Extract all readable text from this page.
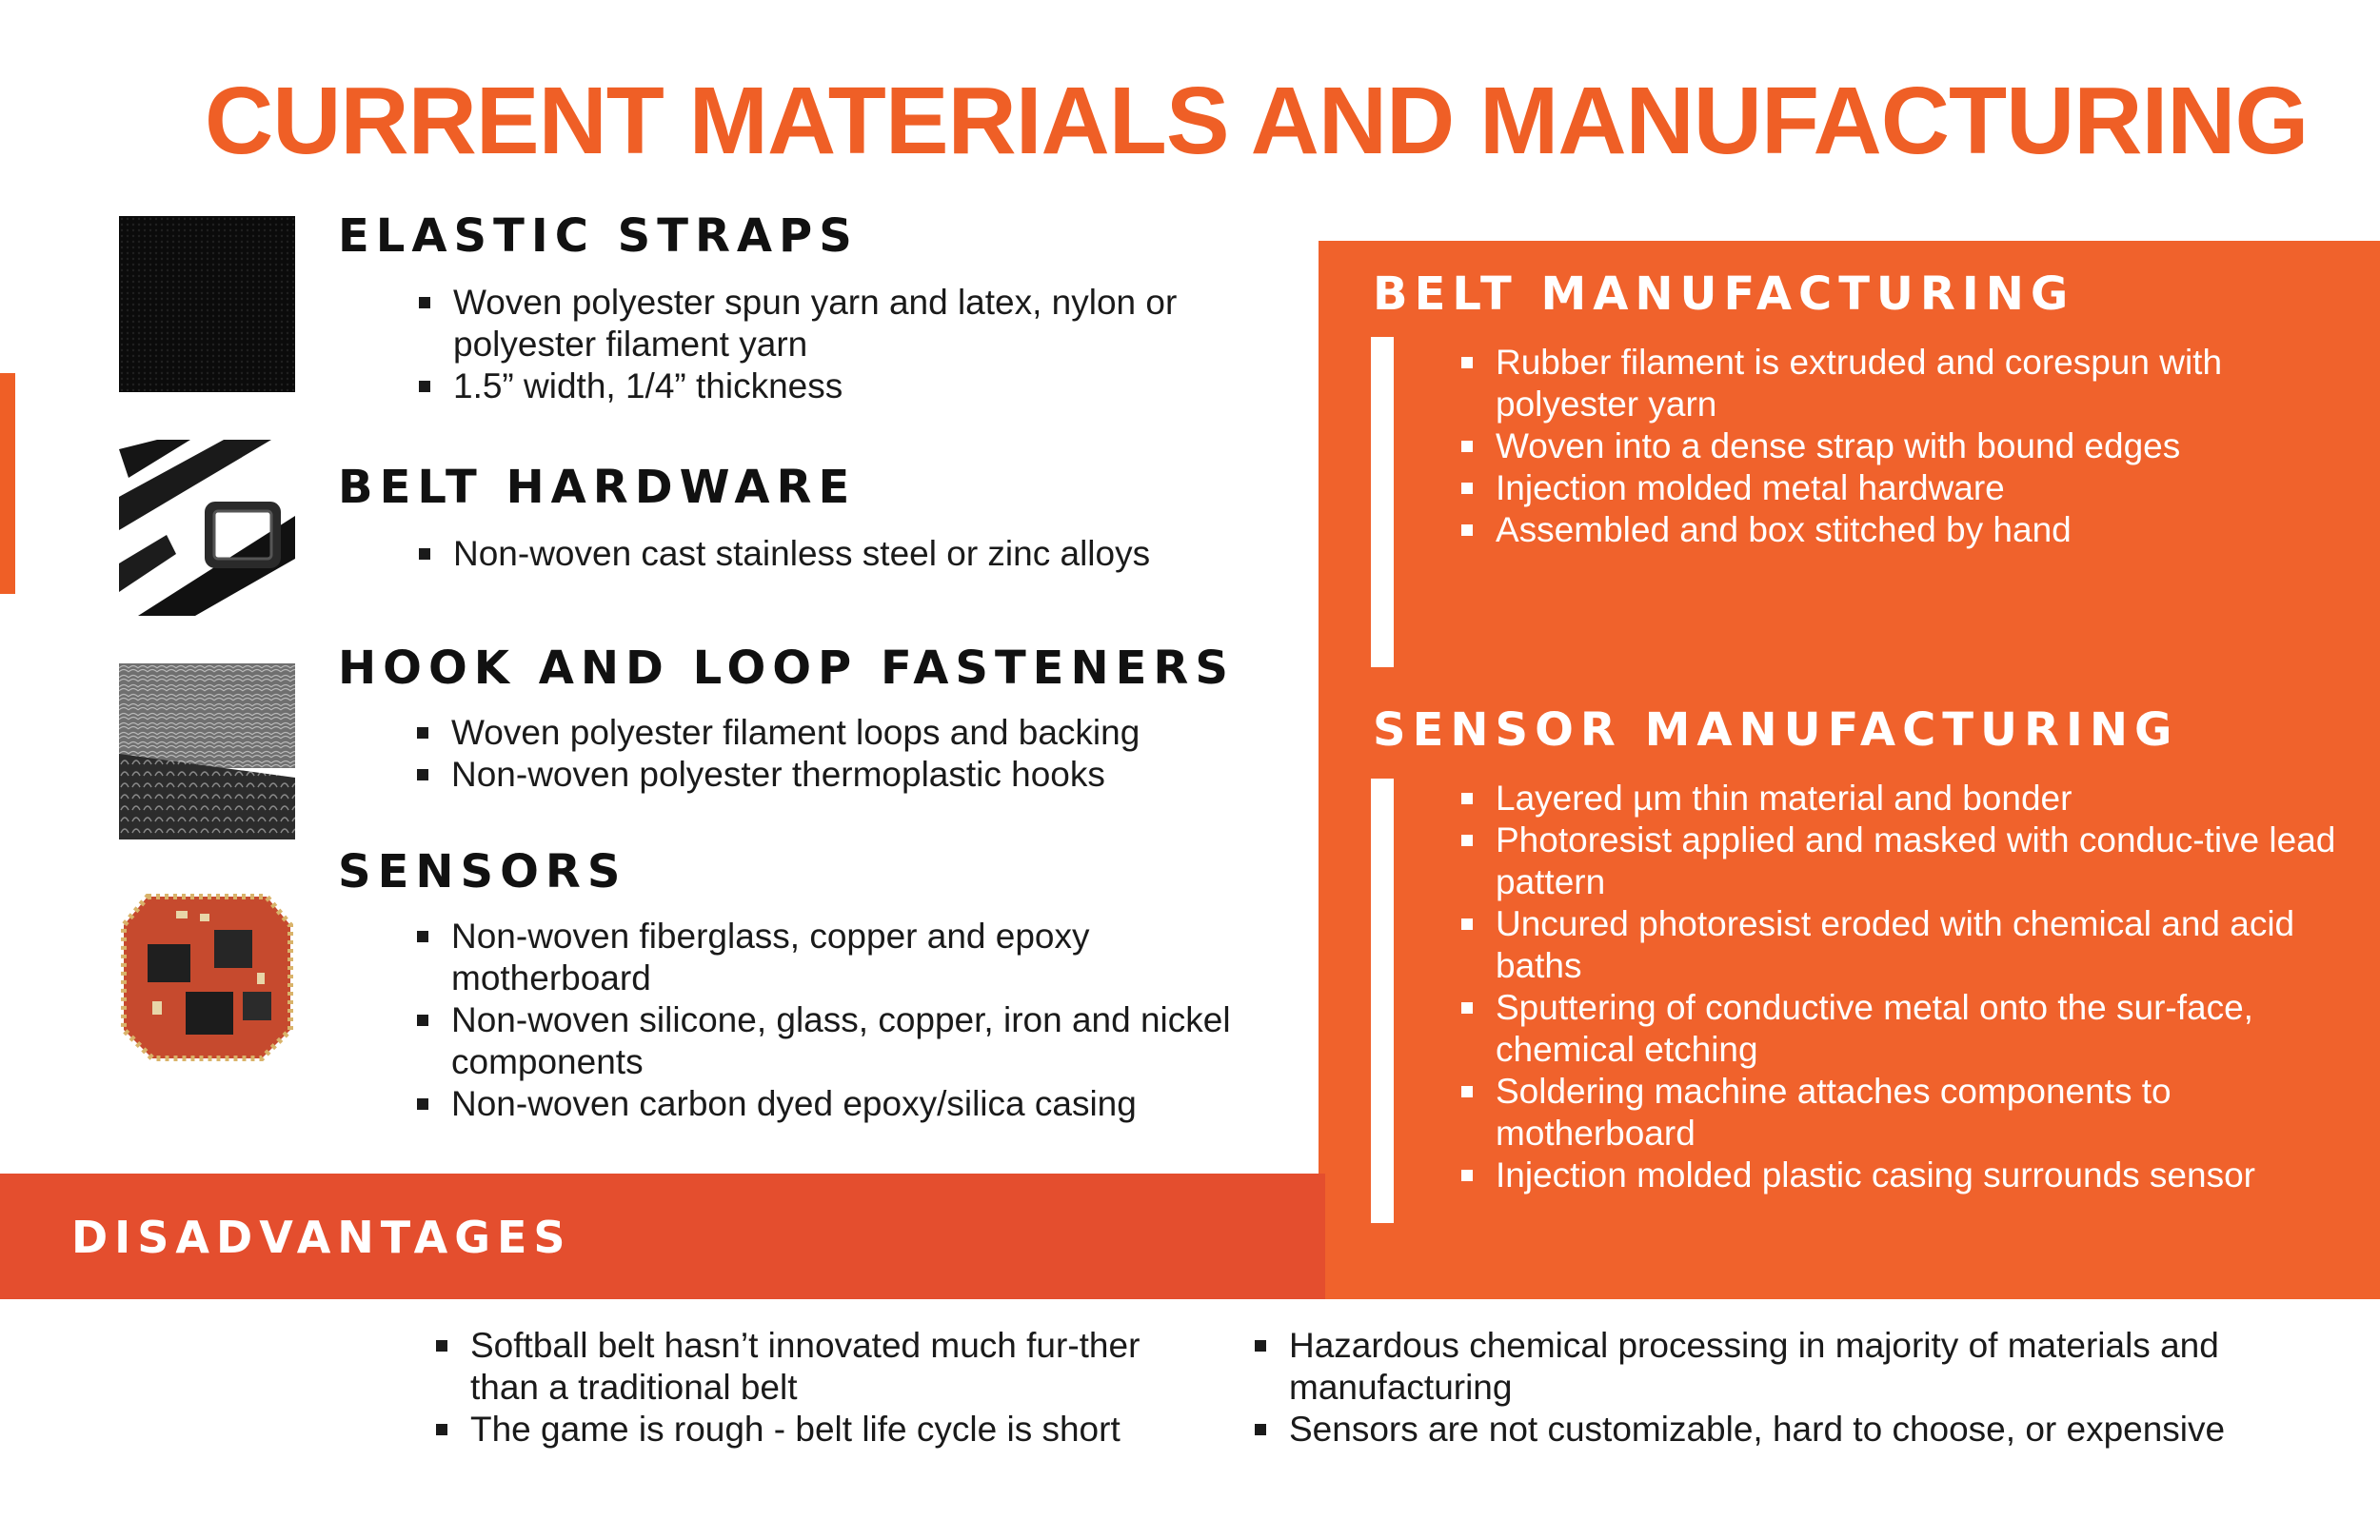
CURRENT MATERIALS AND MANUFACTURING
ELASTIC STRAPS
Woven polyester spun yarn and latex, nylon or polyester filament yarn
1.5” width, 1/4” thickness
BELT HARDWARE
Non-woven cast stainless steel or zinc alloys
HOOK AND LOOP FASTENERS
Woven polyester filament loops and backing
Non-woven polyester thermoplastic hooks
SENSORS
Non-woven fiberglass, copper and epoxy motherboard
Non-woven silicone, glass, copper, iron and nickel components
Non-woven carbon dyed epoxy/silica casing
BELT MANUFACTURING
Rubber filament is extruded and corespun with polyester yarn
Woven into a dense strap with bound edges
Injection molded metal hardware
Assembled and box stitched by hand
SENSOR MANUFACTURING
Layered µm thin material and bonder
Photoresist applied and masked with conduc-tive lead pattern
Uncured photoresist eroded with chemical and acid baths
Sputtering of conductive metal onto the sur-face, chemical etching
Soldering machine attaches components to motherboard
Injection molded plastic casing surrounds sensor
DISADVANTAGES
Softball belt hasn’t innovated much fur-ther than a traditional belt
The game is rough - belt life cycle is short
Hazardous chemical processing in majority of materials and manufacturing
Sensors are not customizable, hard to choose, or expensive
